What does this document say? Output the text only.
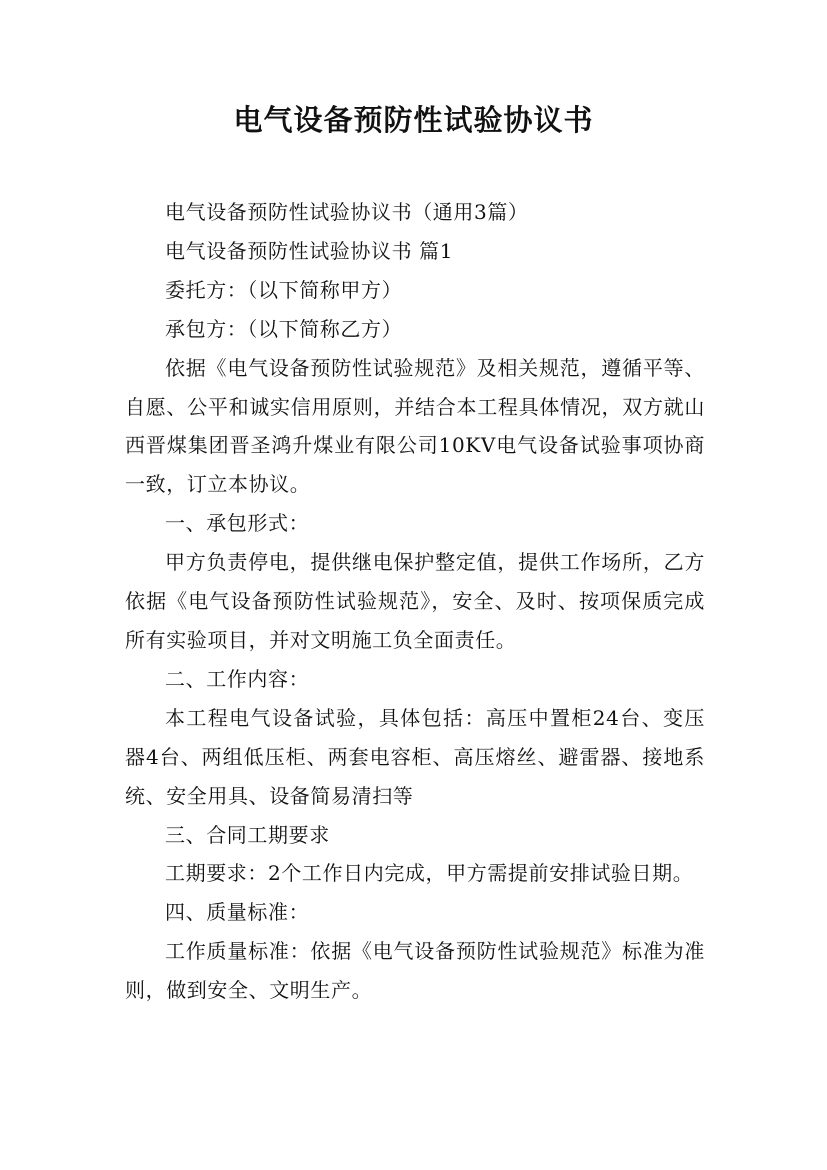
电气设备预防性试验协议书

电气设备预防性试验协议书（通用3篇）

电气设备预防性试验协议书 篇1

委托方：（以下简称甲方）

承包方：（以下简称乙方）

依据《电气设备预防性试验规范》及相关规范，遵循平等、自愿、公平和诚实信用原则，并结合本工程具体情况，双方就山西晋煤集团晋圣鸿升煤业有限公司10KV电气设备试验事项协商一致，订立本协议。

一、承包形式：

甲方负责停电，提供继电保护整定值，提供工作场所，乙方依据《电气设备预防性试验规范》，安全、及时、按项保质完成所有实验项目，并对文明施工负全面责任。

二、工作内容：

本工程电气设备试验，具体包括：高压中置柜24台、变压器4台、两组低压柜、两套电容柜、高压熔丝、避雷器、接地系统、安全用具、设备简易清扫等

三、合同工期要求

工期要求：2个工作日内完成，甲方需提前安排试验日期。

四、质量标准：

工作质量标准：依据《电气设备预防性试验规范》标准为准则，做到安全、文明生产。
